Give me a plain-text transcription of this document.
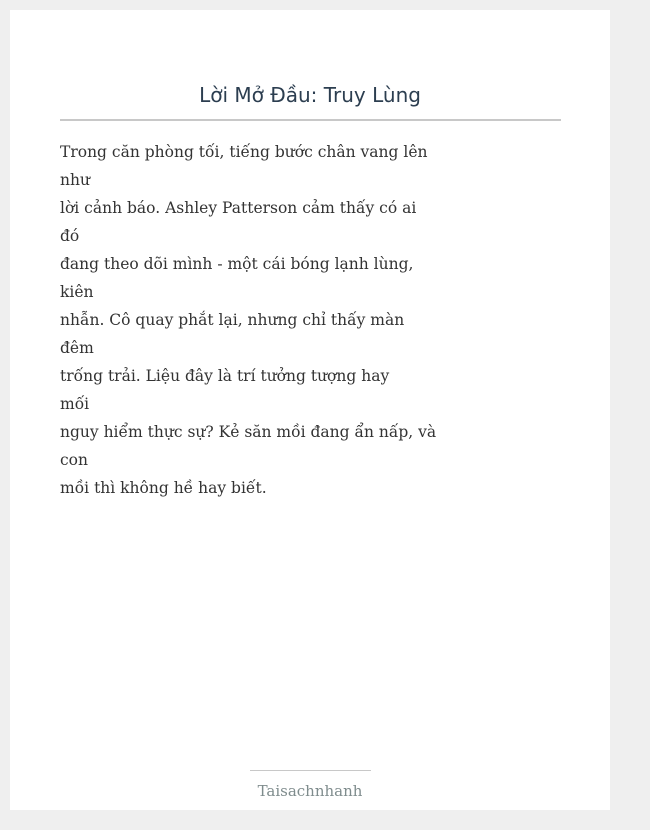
Lời Mở Đầu: Truy Lùng
Trong căn phòng tối, tiếng bước chân vang lên
như
lời cảnh báo. Ashley Patterson cảm thấy có ai
đó
đang theo dõi mình - một cái bóng lạnh lùng,
kiên
nhẫn. Cô quay phắt lại, nhưng chỉ thấy màn
đêm
trống trải. Liệu đây là trí tưởng tượng hay
mối
nguy hiểm thực sự? Kẻ săn mồi đang ẩn nấp, và
con
mồi thì không hề hay biết.
Taisachnhanh
